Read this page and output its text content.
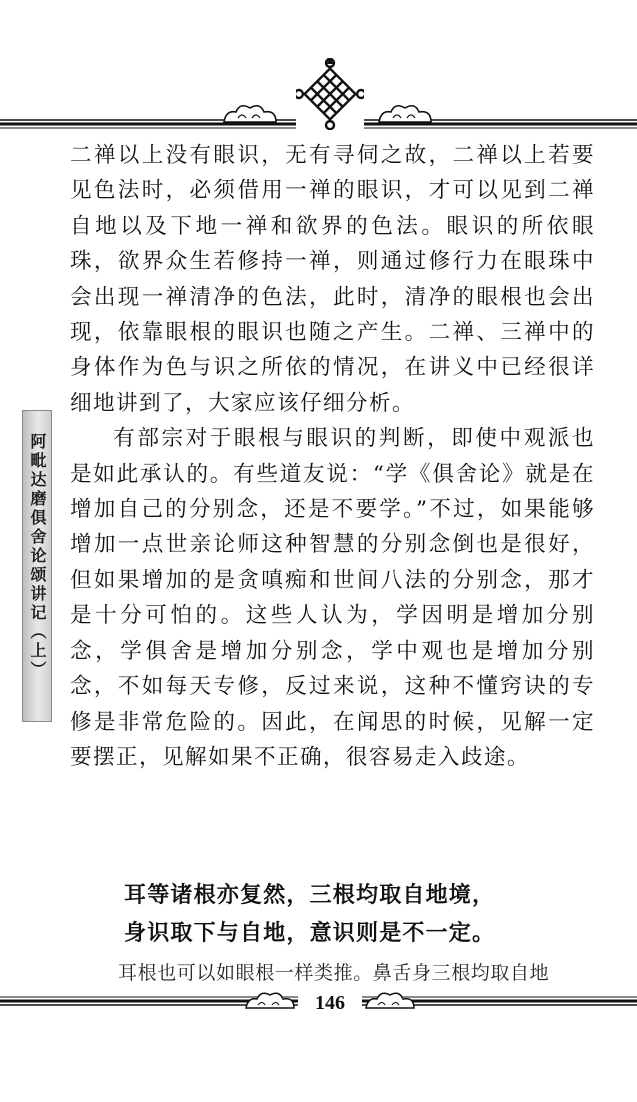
阿毗达磨俱舍论颂讲记（上）

二禅以上没有眼识，无有寻伺之故，二禅以上若要见色法时，必须借用一禅的眼识，才可以见到二禅自地以及下地一禅和欲界的色法。眼识的所依眼珠，欲界众生若修持一禅，则通过修行力在眼珠中会出现一禅清净的色法，此时，清净的眼根也会出现，依靠眼根的眼识也随之产生。二禅、三禅中的身体作为色与识之所依的情况，在讲义中已经很详细地讲到了，大家应该仔细分析。

有部宗对于眼根与眼识的判断，即使中观派也是如此承认的。有些道友说：“学《俱舍论》就是在增加自己的分别念，还是不要学。”不过，如果能够增加一点世亲论师这种智慧的分别念倒也是很好，但如果增加的是贪嗔痴和世间八法的分别念，那才是十分可怕的。这些人认为，学因明是增加分别念，学俱舍是增加分别念，学中观也是增加分别念，不如每天专修，反过来说，这种不懂窍诀的专修是非常危险的。因此，在闻思的时候，见解一定要摆正，见解如果不正确，很容易走入歧途。

耳等诸根亦复然，三根均取自地境，
身识取下与自地，意识则是不一定。
耳根也可以如眼根一样类推。鼻舌身三根均取自地
146
